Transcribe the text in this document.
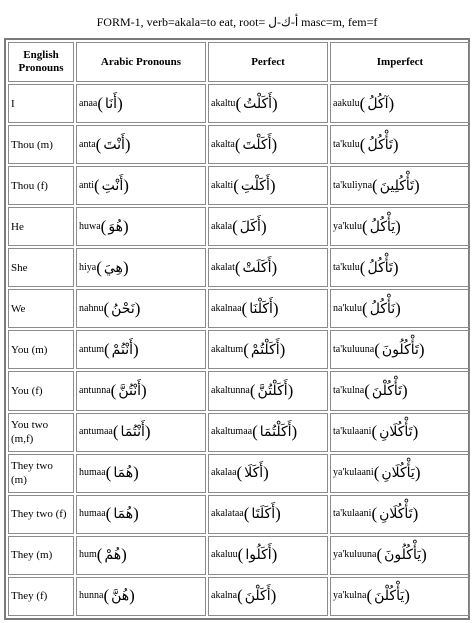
FORM-1, verb=akala=to eat, root= أ-ك-ل masc=m, fem=f
English Pronouns	Arabic Pronouns	Perfect	Imperfect
I	anaa( أَنَا)	akaltu( أَكَلْتُ)	aakulu( آكُلُ)
Thou (m)	anta( أَنْتَ)	akalta( أَكَلْتَ)	ta'kulu( تَأْكُلُ)
Thou (f)	anti( أَنْتِ)	akalti( أَكَلْتِ)	ta'kuliyna( تَأْكُلِينَ)
He	huwa( هُوَ)	akala( أَكَلَ)	ya'kulu( يَأْكُلُ)
She	hiya( هِيَ)	akalat( أَكَلَتْ)	ta'kulu( تَأْكُلُ)
We	nahnu( نَحْنُ)	akalnaa( أَكَلْنَا)	na'kulu( نَأْكُلُ)
You (m)	antum( أَنْتُمْ)	akaltum( أَكَلْتُمْ)	ta'kuluuna( تَأْكُلُونَ)
You (f)	antunna( أَنْتُنَّ)	akaltunna( أَكَلْتُنَّ)	ta'kulna( تَأْكُلْنَ)
You two (m,f)	antumaa( أَنْتُمَا)	akaltumaa( أَكَلْتُمَا)	ta'kulaani( تَأْكُلَانِ)
They two (m)	humaa( هُمَا)	akalaa( أَكَلَا)	ya'kulaani( يَأْكُلَانِ)
They two (f)	humaa( هُمَا)	akalataa( أَكَلَتَا)	ta'kulaani( تَأْكُلَانِ)
They (m)	hum( هُمْ)	akaluu( أَكَلُوا)	ya'kuluuna( يَأْكُلُونَ)
They (f)	hunna( هُنَّ)	akalna( أَكَلْنَ)	ya'kulna( يَأْكُلْنَ)
